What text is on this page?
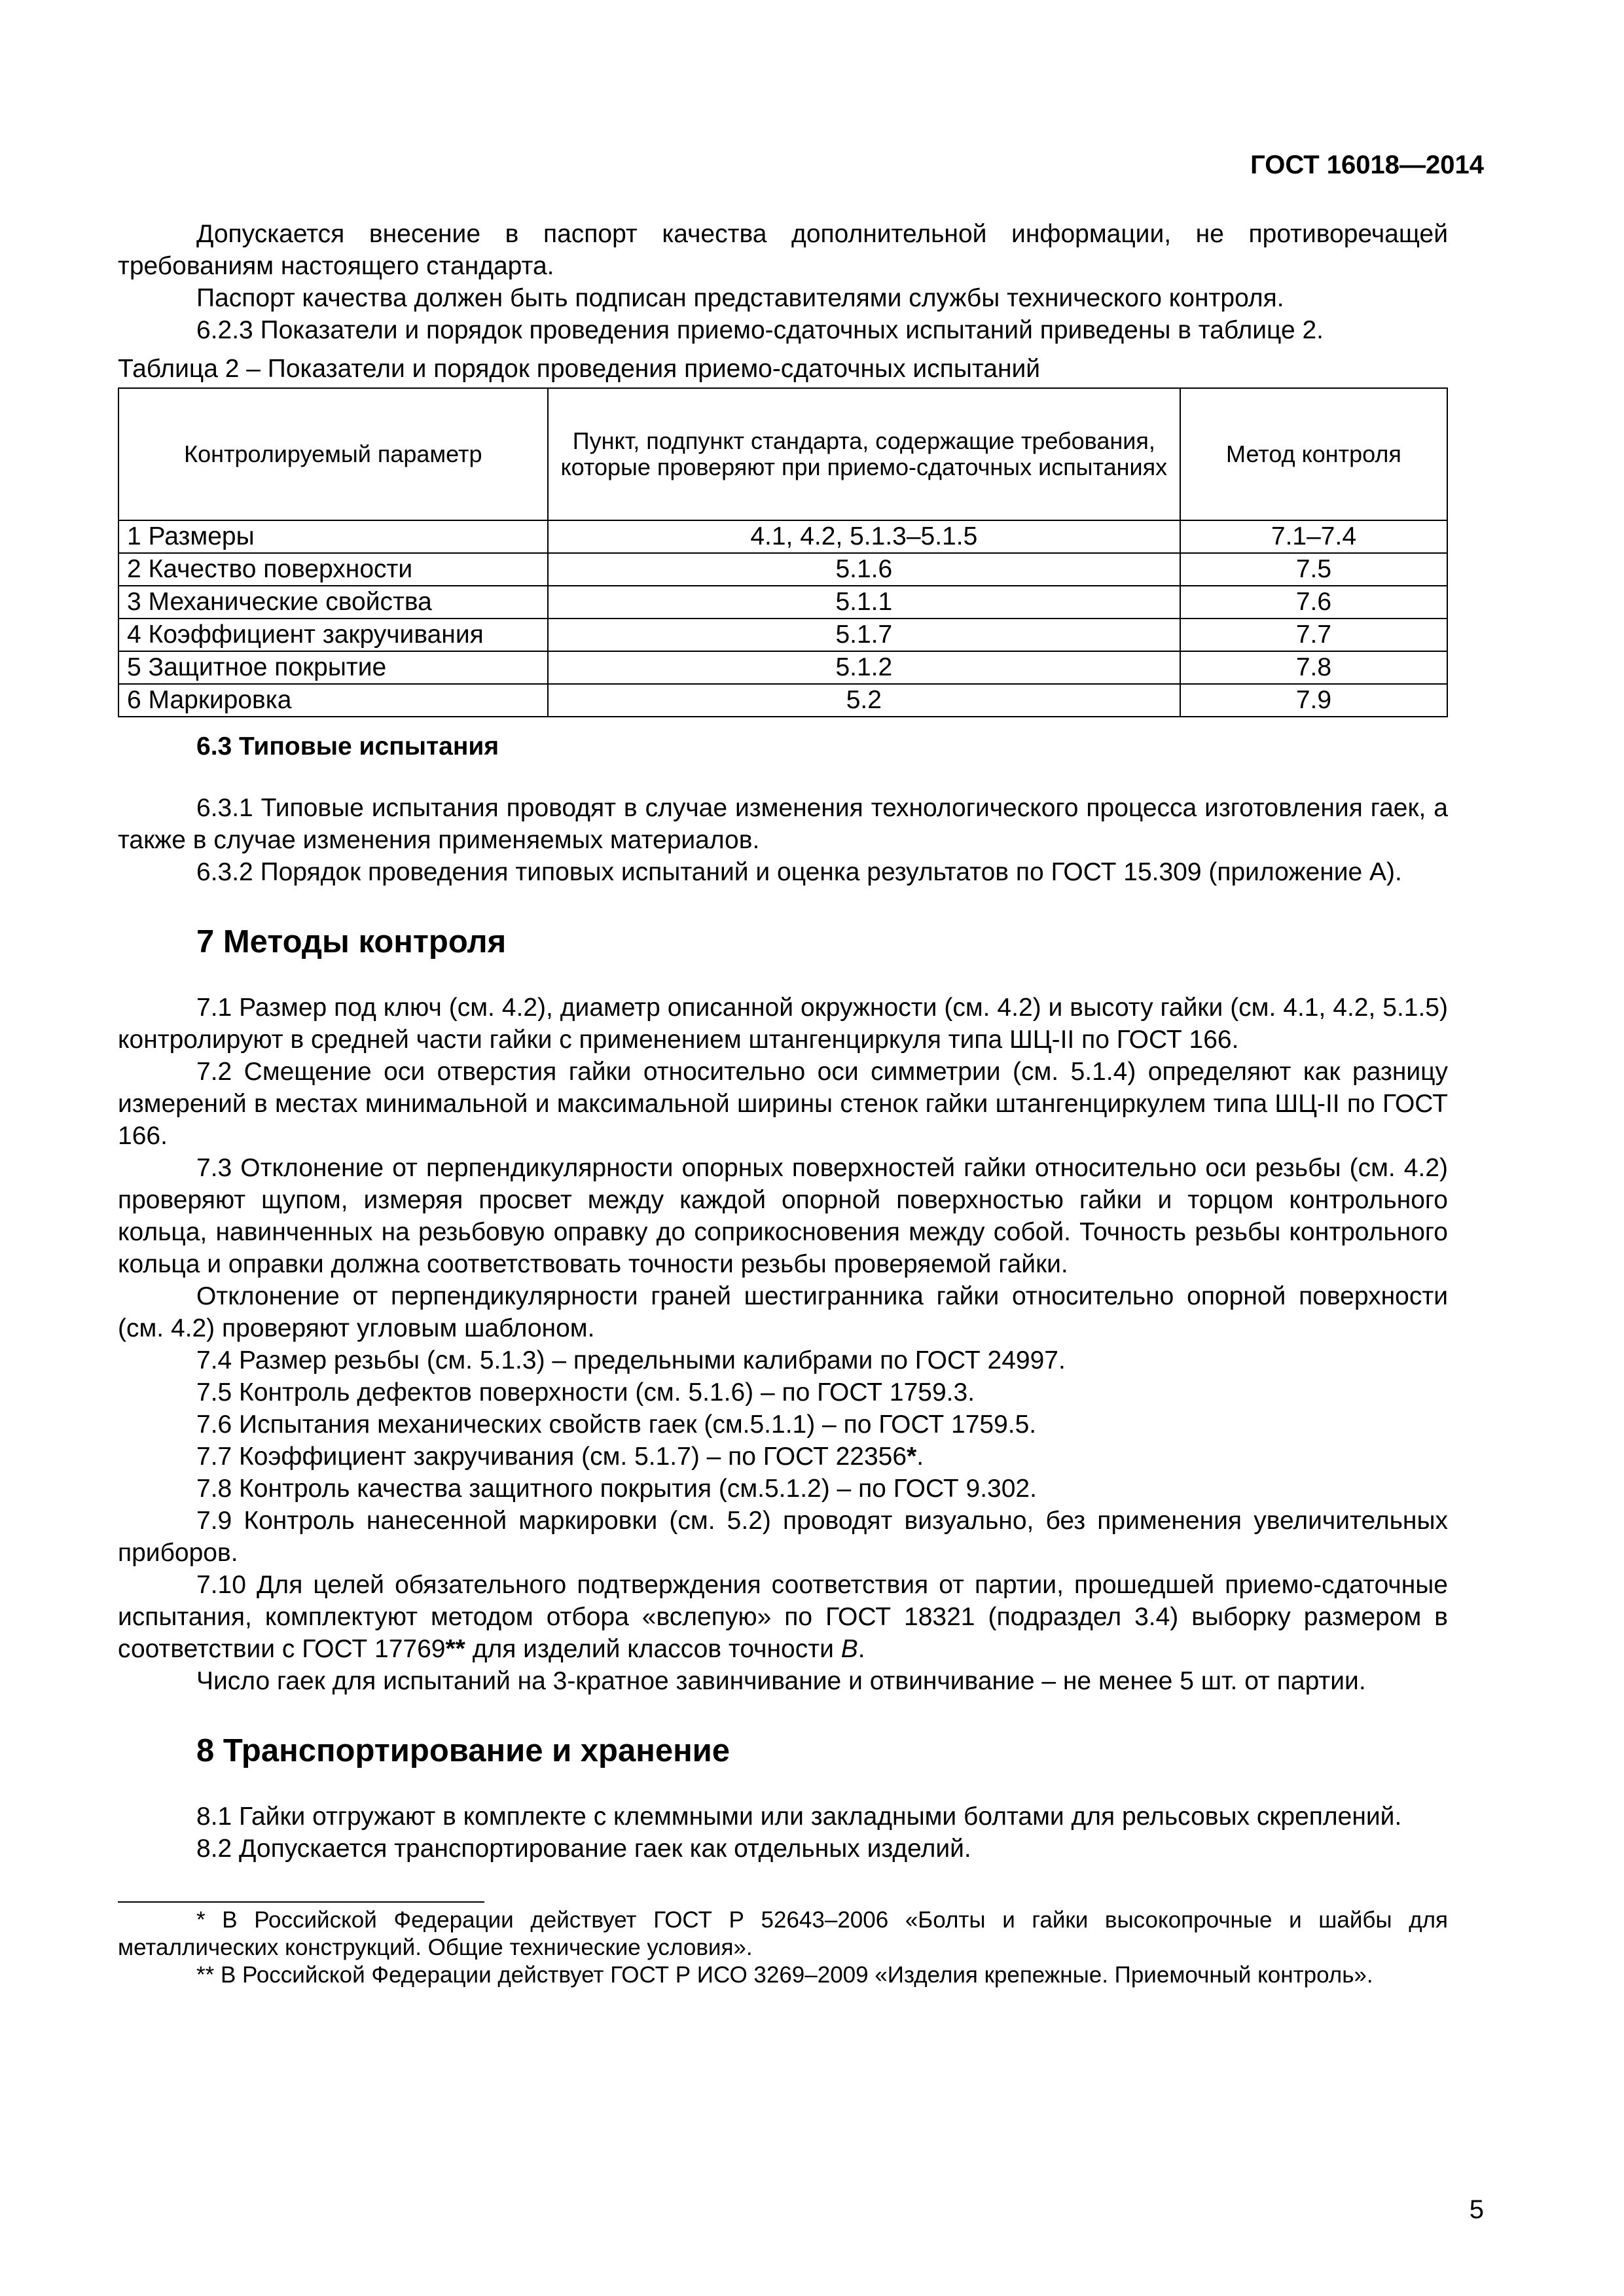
ГОСТ 16018—2014

Допускается внесение в паспорт качества дополнительной информации, не противоречащей требованиям настоящего стандарта.

Паспорт качества должен быть подписан представителями службы технического контроля.

6.2.3 Показатели и порядок проведения приемо-сдаточных испытаний приведены в таблице 2.

Таблица 2 – Показатели и порядок проведения приемо-сдаточных испытаний

Контролируемый параметр	Пункт, подпункт стандарта, содержащие требования, которые проверяют при приемо-сдаточных испытаниях	Метод контроля
1 Размеры	4.1, 4.2, 5.1.3–5.1.5	7.1–7.4
2 Качество поверхности	5.1.6	7.5
3 Механические свойства	5.1.1	7.6
4 Коэффициент закручивания	5.1.7	7.7
5 Защитное покрытие	5.1.2	7.8
6 Маркировка	5.2	7.9

6.3 Типовые испытания

6.3.1 Типовые испытания проводят в случае изменения технологического процесса изготовления гаек, а также в случае изменения применяемых материалов.

6.3.2 Порядок проведения типовых испытаний и оценка результатов по ГОСТ 15.309 (приложение А).

7 Методы контроля

7.1 Размер под ключ (см. 4.2), диаметр описанной окружности (см. 4.2) и высоту гайки (см. 4.1, 4.2, 5.1.5) контролируют в средней части гайки с применением штангенциркуля типа ШЦ-II по ГОСТ 166.

7.2 Смещение оси отверстия гайки относительно оси симметрии (см. 5.1.4) определяют как разницу измерений в местах минимальной и максимальной ширины стенок гайки штангенциркулем типа ШЦ-II по ГОСТ 166.

7.3 Отклонение от перпендикулярности опорных поверхностей гайки относительно оси резьбы (см. 4.2) проверяют щупом, измеряя просвет между каждой опорной поверхностью гайки и торцом контрольного кольца, навинченных на резьбовую оправку до соприкосновения между собой. Точность резьбы контрольного кольца и оправки должна соответствовать точности резьбы проверяемой гайки.

Отклонение от перпендикулярности граней шестигранника гайки относительно опорной поверхности (см. 4.2) проверяют угловым шаблоном.

7.4 Размер резьбы (см. 5.1.3) – предельными калибрами по ГОСТ 24997.

7.5 Контроль дефектов поверхности (см. 5.1.6) – по ГОСТ 1759.3.

7.6 Испытания механических свойств гаек (см.5.1.1) – по ГОСТ 1759.5.

7.7 Коэффициент закручивания (см. 5.1.7) – по ГОСТ 22356*.

7.8 Контроль качества защитного покрытия (см.5.1.2) – по ГОСТ 9.302.

7.9 Контроль нанесенной маркировки (см. 5.2) проводят визуально, без применения увеличительных приборов.

7.10 Для целей обязательного подтверждения соответствия от партии, прошедшей приемо-сдаточные испытания, комплектуют методом отбора «вслепую» по ГОСТ 18321 (подраздел 3.4) выборку размером в соответствии с ГОСТ 17769** для изделий классов точности B.

Число гаек для испытаний на 3-кратное завинчивание и отвинчивание – не менее 5 шт. от партии.

8 Транспортирование и хранение

8.1 Гайки отгружают в комплекте с клеммными или закладными болтами для рельсовых скреплений.

8.2 Допускается транспортирование гаек как отдельных изделий.

* В Российской Федерации действует ГОСТ Р 52643–2006 «Болты и гайки высокопрочные и шайбы для металлических конструкций. Общие технические условия».

** В Российской Федерации действует ГОСТ Р ИСО 3269–2009 «Изделия крепежные. Приемочный контроль».

5
